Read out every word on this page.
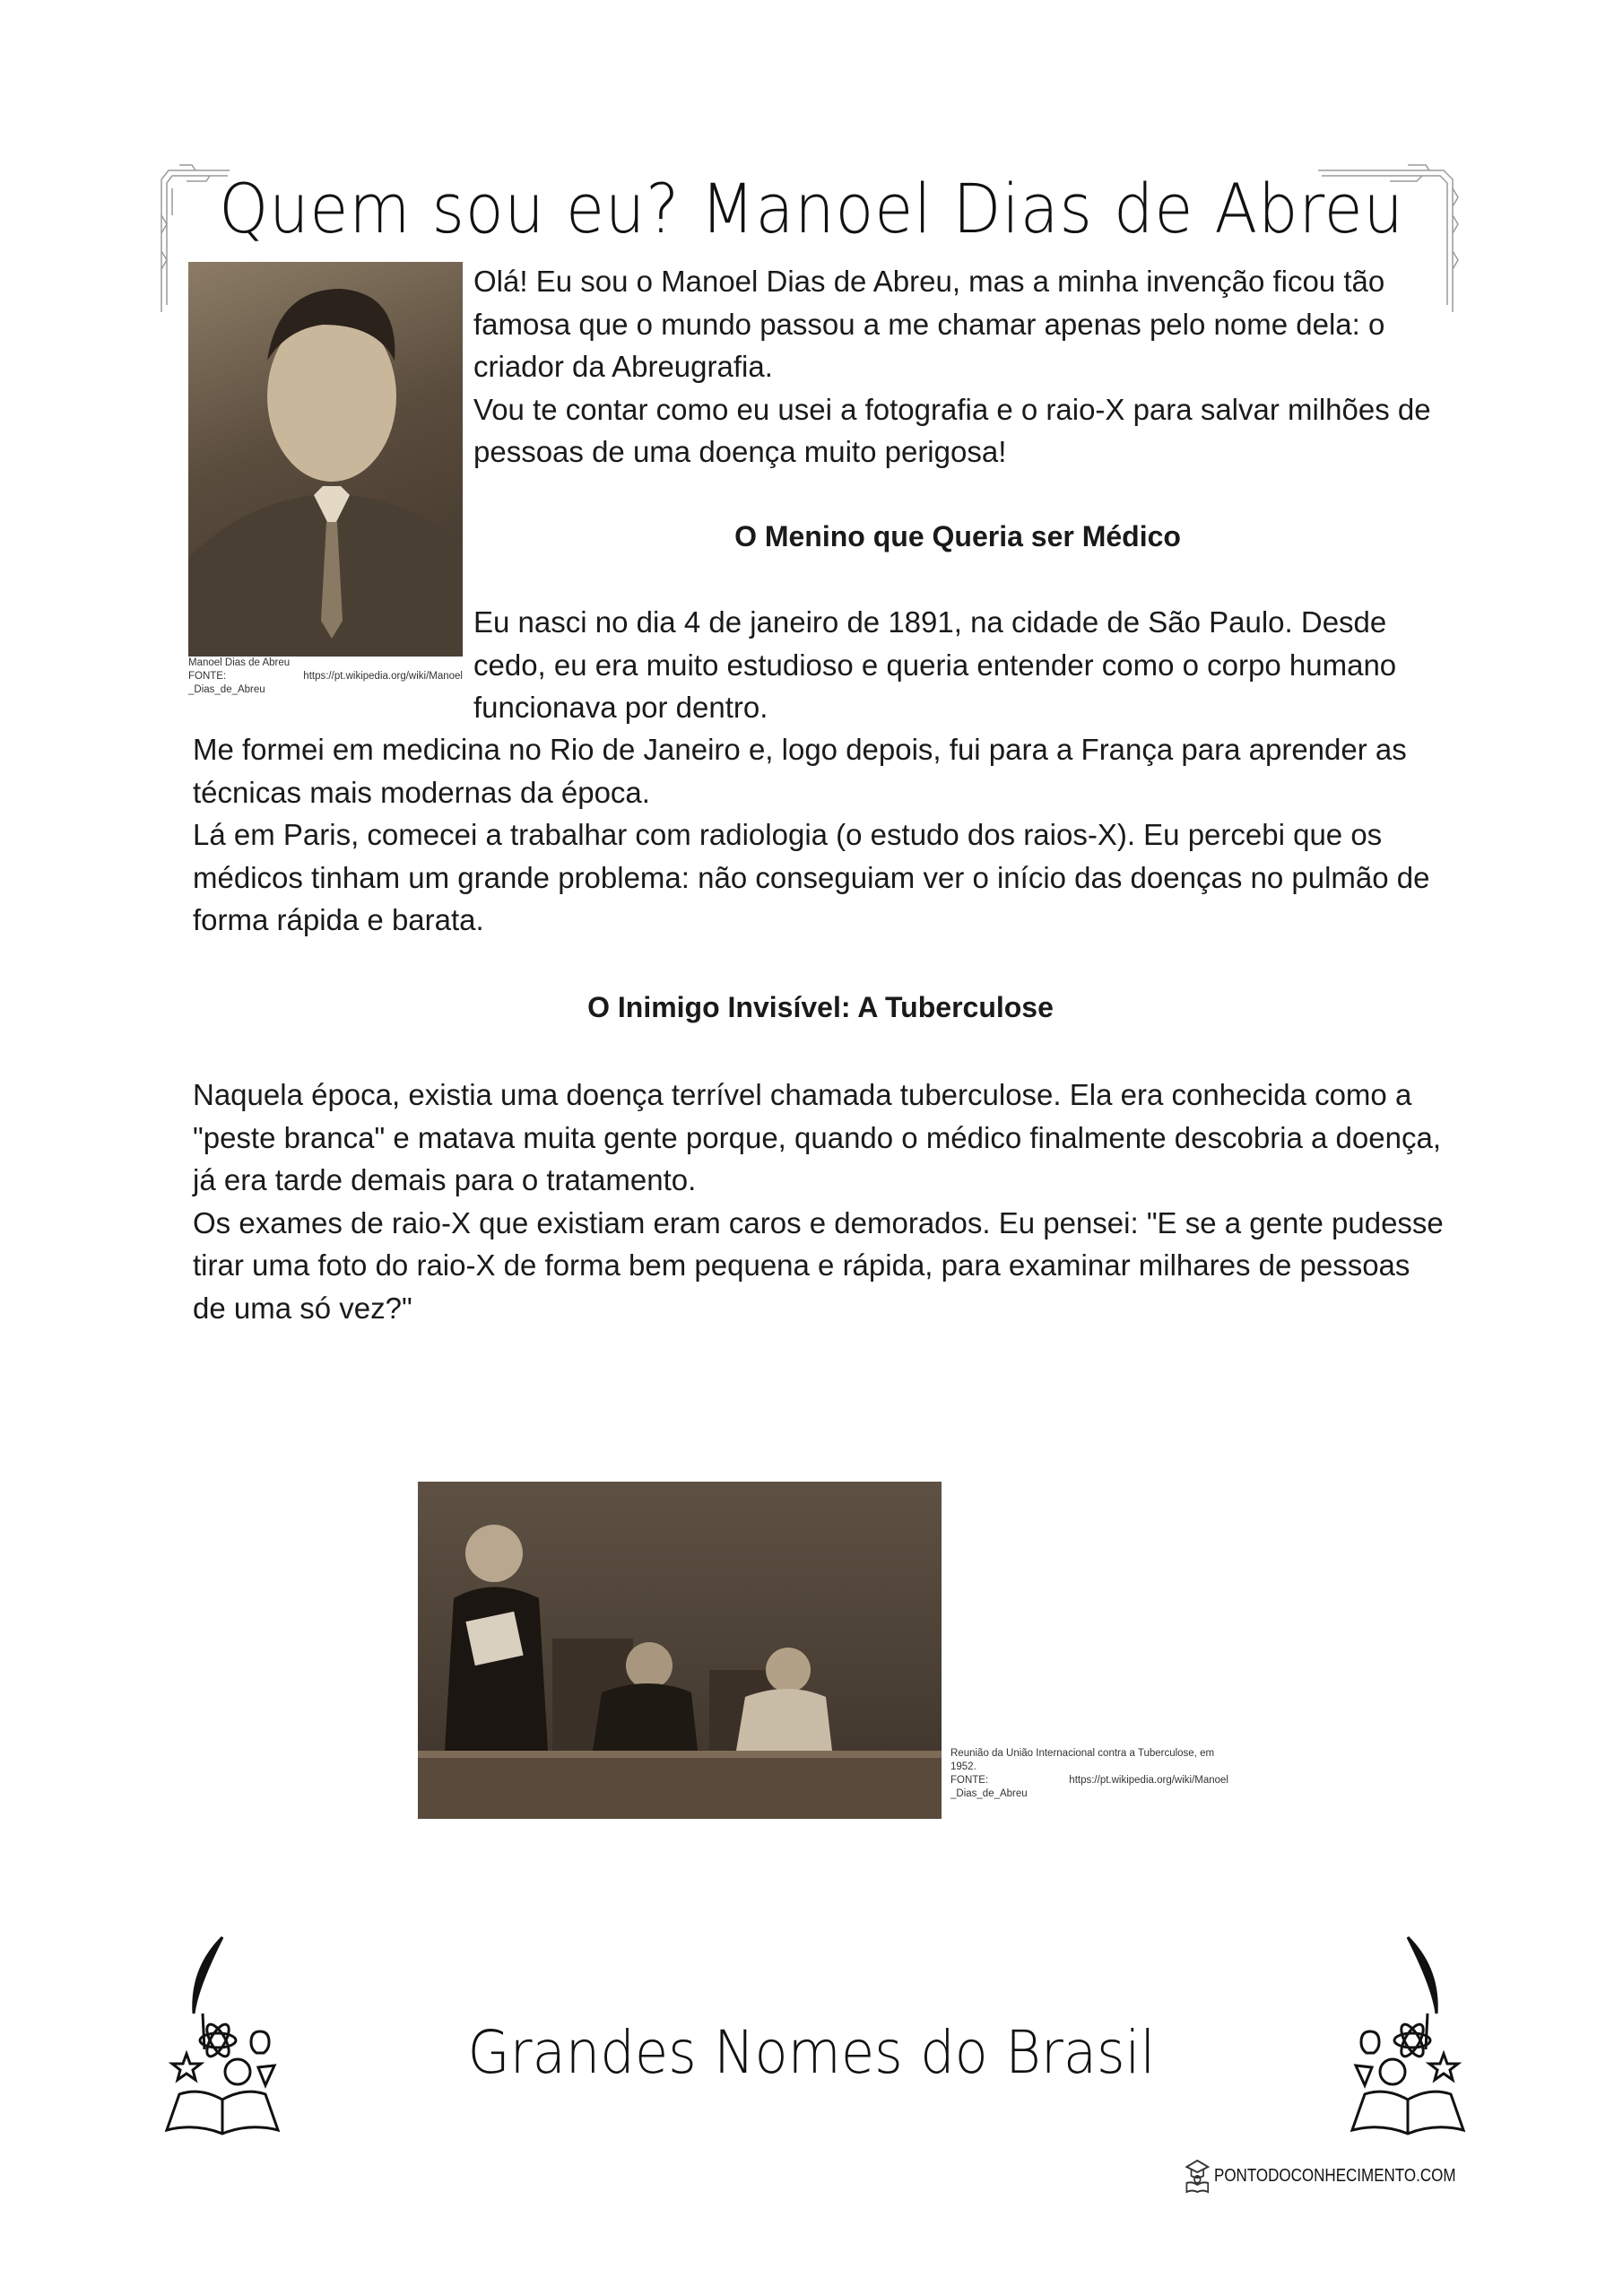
Quem sou eu? Manoel Dias de Abreu
Manoel Dias de Abreu
FONTE:	https://pt.wikipedia.org/wiki/Manoel
_Dias_de_Abreu

Olá! Eu sou o Manoel Dias de Abreu, mas a minha invenção ficou tão famosa que o mundo passou a me chamar apenas pelo nome dela: o criador da Abreugrafia.

Vou te contar como eu usei a fotografia e o raio-X para salvar milhões de pessoas de uma doença muito perigosa!

O Menino que Queria ser Médico
Eu nasci no dia 4 de janeiro de 1891, na cidade de São Paulo. Desde cedo, eu era muito estudioso e queria entender como o corpo humano funcionava por dentro.

Me formei em medicina no Rio de Janeiro e, logo depois, fui para a França para aprender as técnicas mais modernas da época.

Lá em Paris, comecei a trabalhar com radiologia (o estudo dos raios-X). Eu percebi que os médicos tinham um grande problema: não conseguiam ver o início das doenças no pulmão de forma rápida e barata.

O Inimigo Invisível: A Tuberculose

Naquela época, existia uma doença terrível chamada tuberculose. Ela era conhecida como a "peste branca" e matava muita gente porque, quando o médico finalmente descobria a doença, já era tarde demais para o tratamento.

Os exames de raio-X que existiam eram caros e demorados. Eu pensei: "E se a gente pudesse tirar uma foto do raio-X de forma bem pequena e rápida, para examinar milhares de pessoas de uma só vez?"

Reunião da União Internacional contra a Tuberculose, em 1952.
FONTE:	https://pt.wikipedia.org/wiki/Manoel
_Dias_de_Abreu
Grandes Nomes do Brasil
PONTODOCONHECIMENTO.COM
